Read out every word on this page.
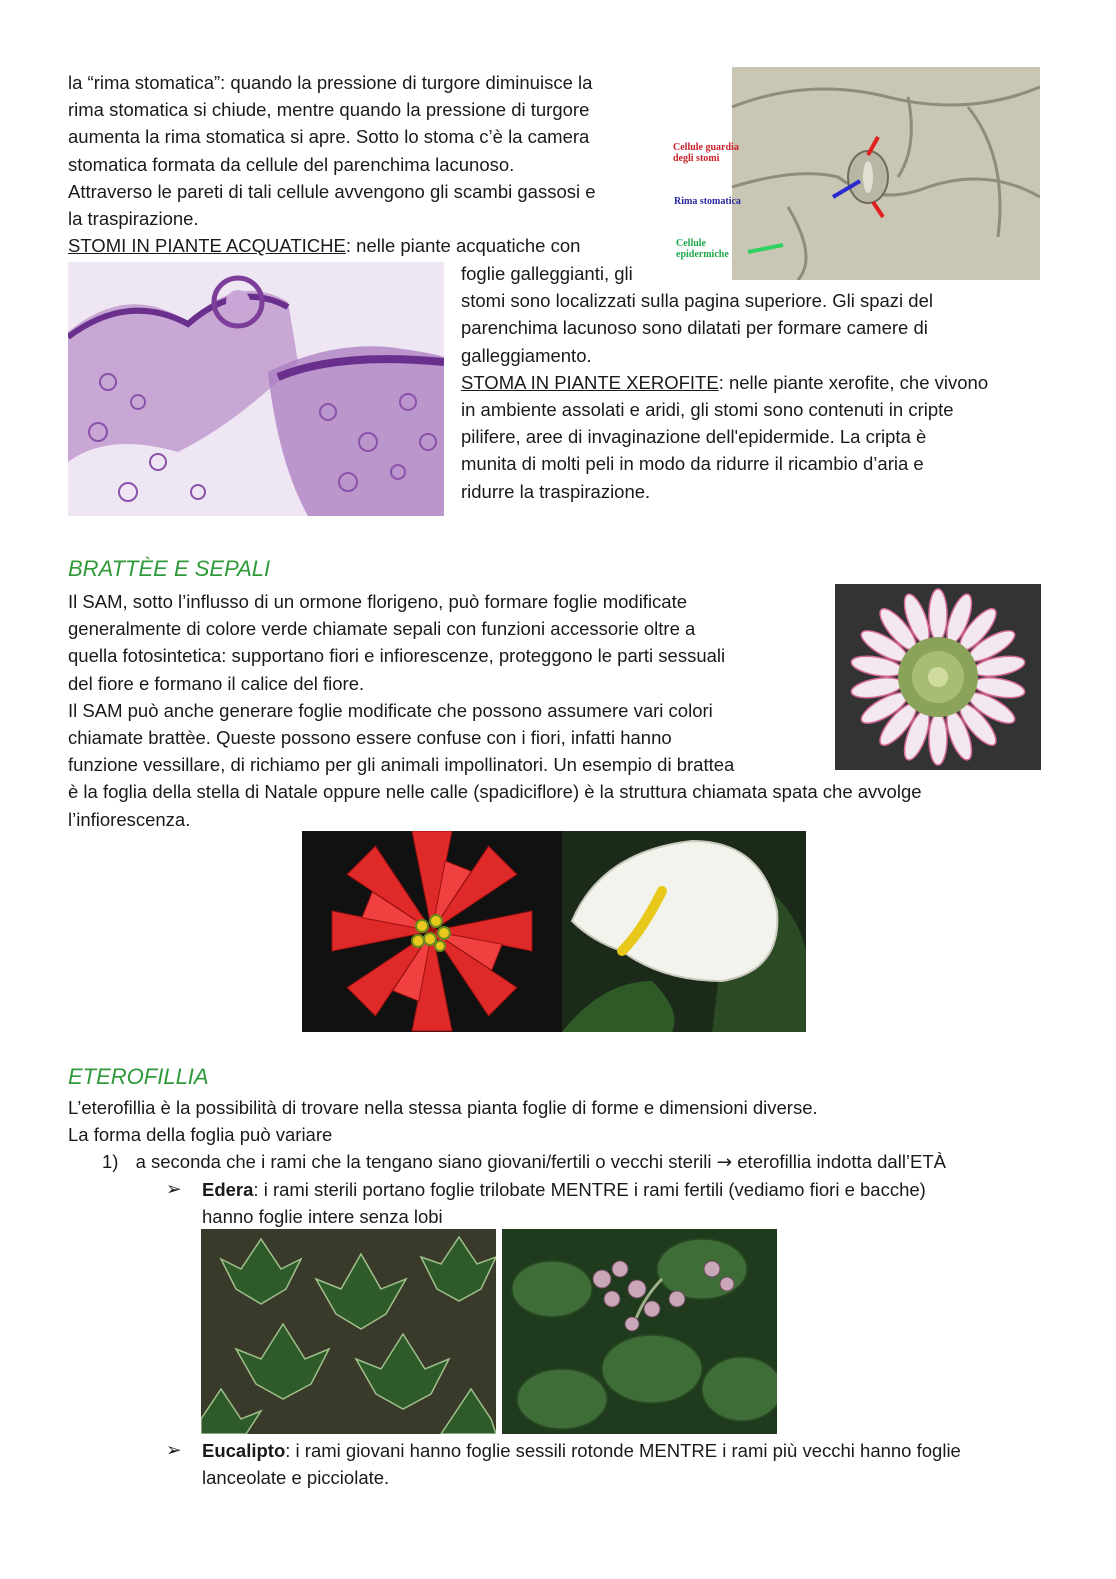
la “rima stomatica”: quando la pressione di turgore diminuisce la
rima stomatica si chiude, mentre quando la pressione di turgore
aumenta la rima stomatica si apre. Sotto lo stoma c’è la camera
stomatica formata da cellule del parenchima lacunoso.
Attraverso le pareti di tali cellule avvengono gli scambi gassosi e
la traspirazione.
STOMI IN PIANTE ACQUATICHE: nelle piante acquatiche con
Cellule guardia
degli stomi
Rima stomatica
Cellule
epidermiche
foglie galleggianti, gli
stomi sono localizzati sulla pagina superiore. Gli spazi del
parenchima lacunoso sono dilatati per formare camere di
galleggiamento.
STOMA IN PIANTE XEROFITE: nelle piante xerofite, che vivono
in ambiente assolati e aridi, gli stomi sono contenuti in cripte
pilifere, aree di invaginazione dell'epidermide. La cripta è
munita di molti peli in modo da ridurre il ricambio d’aria e
ridurre la traspirazione.
BRATTÈE E SEPALI
Il SAM, sotto l’influsso di un ormone florigeno, può formare foglie modificate
generalmente di colore verde chiamate sepali con funzioni accessorie oltre a
quella fotosintetica: supportano fiori e infiorescenze, proteggono le parti sessuali
del fiore e formano il calice del fiore.
Il SAM può anche generare foglie modificate che possono assumere vari colori
chiamate brattèe. Queste possono essere confuse con i fiori, infatti hanno
funzione vessillare, di richiamo per gli animali impollinatori. Un esempio di brattea
è la foglia della stella di Natale oppure nelle calle (spadiciflore) è la struttura chiamata spata che avvolge
l’infiorescenza.
ETEROFILLIA
L’eterofillia è la possibilità di trovare nella stessa pianta foglie di forme e dimensioni diverse.
La forma della foglia può variare
1) a seconda che i rami che la tengano siano giovani/fertili o vecchi sterili → eterofillia indotta dall’ETÀ
➢ Edera: i rami sterili portano foglie trilobate MENTRE i rami fertili (vediamo fiori e bacche)
hanno foglie intere senza lobi
➢ Eucalipto: i rami giovani hanno foglie sessili rotonde MENTRE i rami più vecchi hanno foglie
lanceolate e picciolate.
